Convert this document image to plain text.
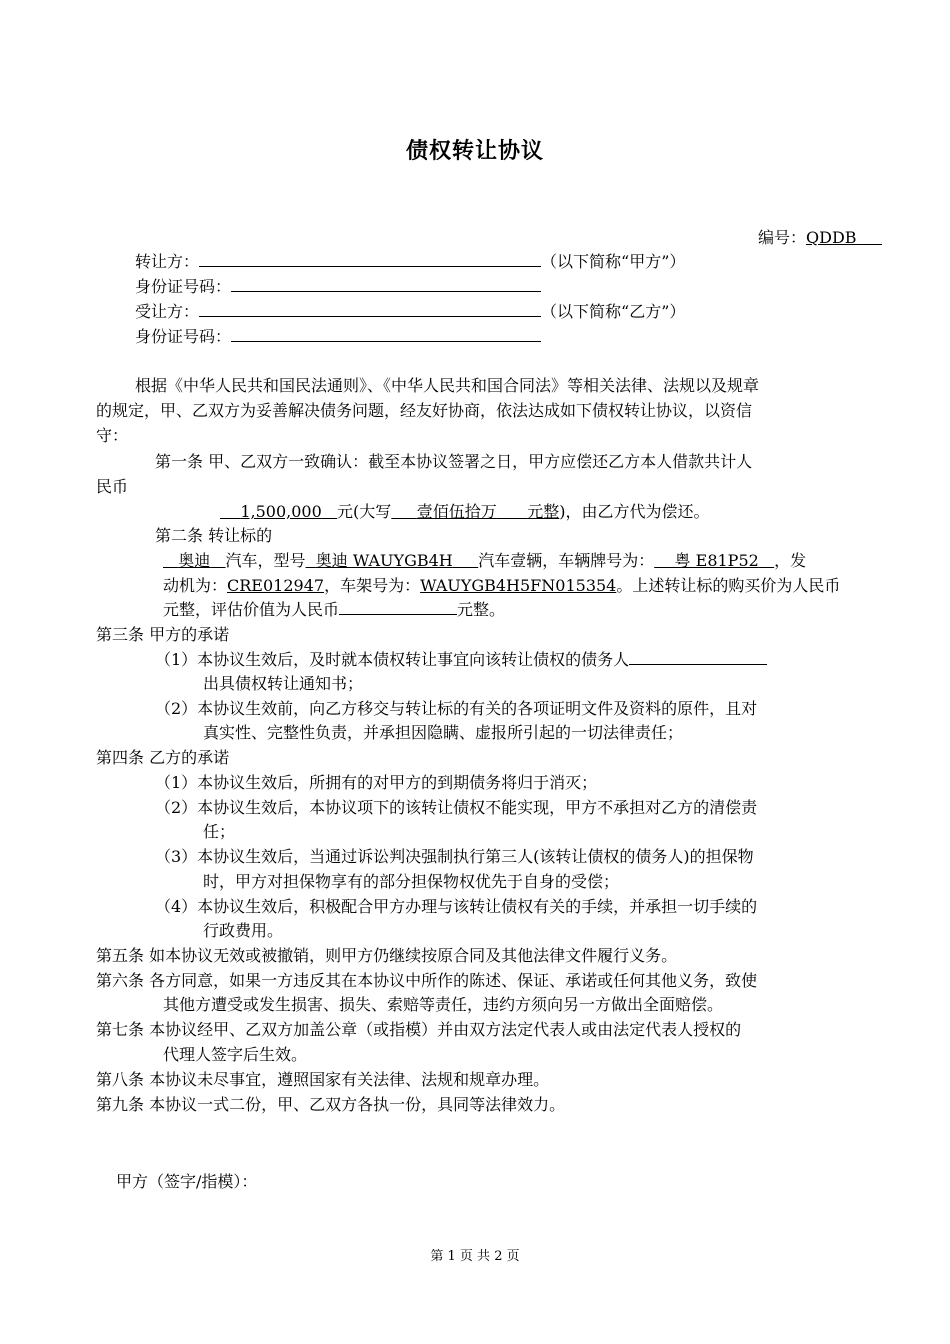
债权转让协议
编号：QDDB
转让方：	（以下简称“甲方”）
身份证号码：
受让方：	（以下简称“乙方”）
身份证号码：
根据《中华人民共和国民法通则》、《中华人民共和国合同法》等相关法律、法规以及规章
的规定，甲、乙双方为妥善解决债务问题，经友好协商，依法达成如下债权转让协议，以资信
守：
第一条 甲、乙双方一致确认：截至本协议签署之日，甲方应偿还乙方本人借款共计人
民币
1,500,000 元(大写 壹佰伍拾万 元整)，由乙方代为偿还。
第二条 转让标的
奥迪 汽车，型号 奥迪 WAUYGB4H 汽车壹辆，车辆牌号为： 粤 E81P52 ，发
动机为：CRE012947，车架号为：WAUYGB4H5FN015354。上述转让标的购买价为人民币
元整，评估价值为人民币	元整。
第三条 甲方的承诺
（1）本协议生效后，及时就本债权转让事宜向该转让债权的债务人
出具债权转让通知书；
（2）本协议生效前，向乙方移交与转让标的有关的各项证明文件及资料的原件，且对
真实性、完整性负责，并承担因隐瞒、虚报所引起的一切法律责任；
第四条 乙方的承诺
（1）本协议生效后，所拥有的对甲方的到期债务将归于消灭；
（2）本协议生效后，本协议项下的该转让债权不能实现，甲方不承担对乙方的清偿责
任；
（3）本协议生效后，当通过诉讼判决强制执行第三人(该转让债权的债务人)的担保物
时，甲方对担保物享有的部分担保物权优先于自身的受偿；
（4）本协议生效后，积极配合甲方办理与该转让债权有关的手续，并承担一切手续的
行政费用。
第五条 如本协议无效或被撤销，则甲方仍继续按原合同及其他法律文件履行义务。
第六条 各方同意，如果一方违反其在本协议中所作的陈述、保证、承诺或任何其他义务，致使
其他方遭受或发生损害、损失、索赔等责任，违约方须向另一方做出全面赔偿。
第七条 本协议经甲、乙双方加盖公章（或指模）并由双方法定代表人或由法定代表人授权的
代理人签字后生效。
第八条 本协议未尽事宜，遵照国家有关法律、法规和规章办理。
第九条 本协议一式二份，甲、乙双方各执一份，具同等法律效力。
甲方（签字/指模）：
第 1 页 共 2 页
